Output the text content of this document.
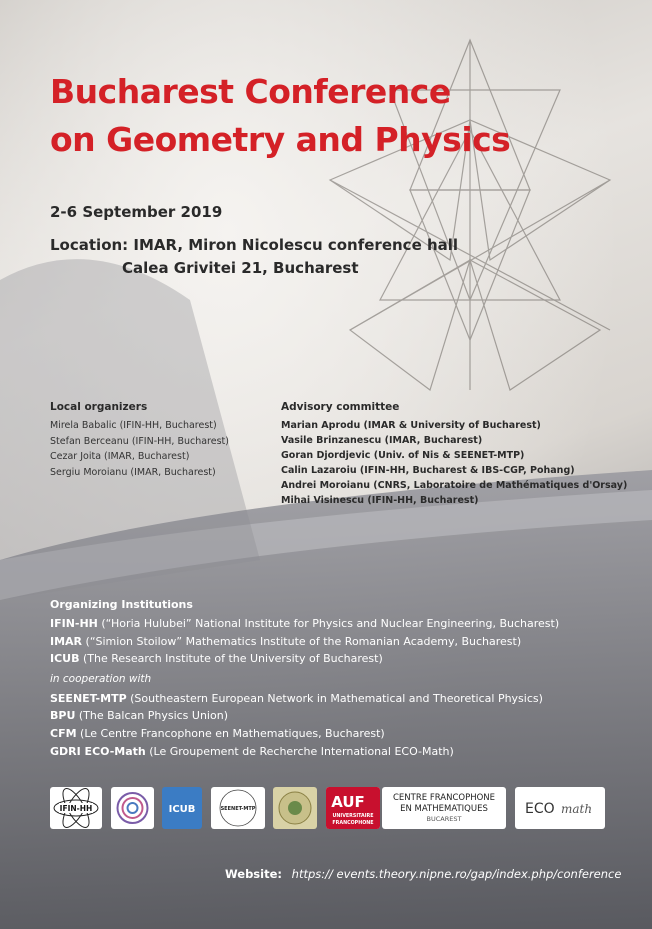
Bucharest Conference
on Geometry and Physics
2-6 September 2019
Location: IMAR, Miron Nicolescu conference hall
Calea Grivitei 21, Bucharest
Local organizers
Mirela Babalic (IFIN-HH, Bucharest)
Stefan Berceanu (IFIN-HH, Bucharest)
Cezar Joita (IMAR, Bucharest)
Sergiu Moroianu (IMAR, Bucharest)
Advisory committee
Marian Aprodu (IMAR & University of Bucharest)
Vasile Brinzanescu (IMAR, Bucharest)
Goran Djordjevic (Univ. of Nis & SEENET-MTP)
Calin Lazaroiu (IFIN-HH, Bucharest & IBS-CGP, Pohang)
Andrei Moroianu (CNRS, Laboratoire de Mathématiques d'Orsay)
Mihai Visinescu (IFIN-HH, Bucharest)
Organizing Institutions
IFIN-HH (“Horia Hulubei” National Institute for Physics and Nuclear Engineering, Bucharest)
IMAR (“Simion Stoilow” Mathematics Institute of the Romanian Academy, Bucharest)
ICUB (The Research Institute of the University of Bucharest)
in cooperation with
SEENET-MTP (Southeastern European Network in Mathematical and Theoretical Physics)
BPU (The Balcan Physics Union)
CFM (Le Centre Francophone en Mathematiques, Bucharest)
GDRI ECO-Math (Le Groupement de Recherche International ECO-Math)
IFIN-HH	ICUB	SEENET-MTP	AUF
UNIVERSITAIRE
FRANCOPHONE
CENTRE FRANCOPHONE
EN MATHEMATIQUES
BUCAREST
ECO math
Website: https:// events.theory.nipne.ro/gap/index.php/conference
